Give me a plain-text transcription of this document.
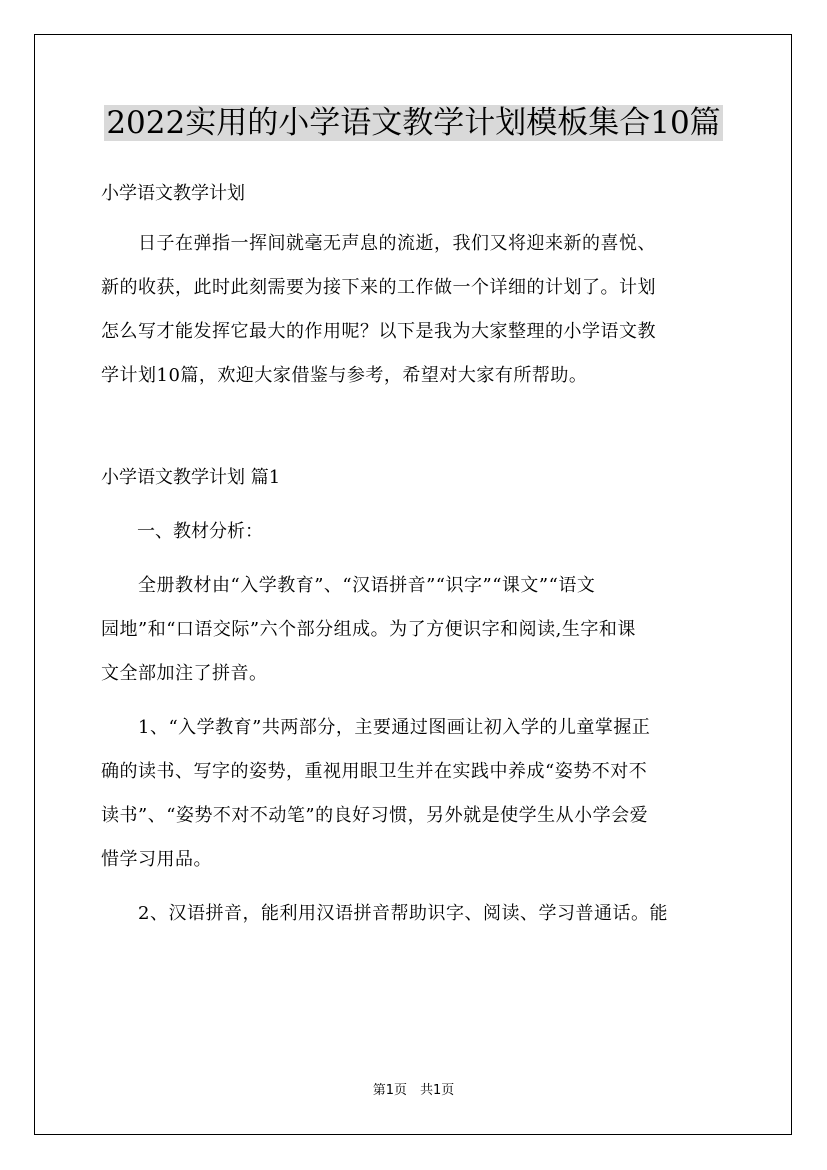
2022实用的小学语文教学计划模板集合10篇

小学语文教学计划

　　日子在弹指一挥间就毫无声息的流逝，我们又将迎来新的喜悦、

新的收获，此时此刻需要为接下来的工作做一个详细的计划了。计划

怎么写才能发挥它最大的作用呢？以下是我为大家整理的小学语文教

学计划10篇，欢迎大家借鉴与参考，希望对大家有所帮助。

小学语文教学计划 篇1

　　一、教材分析：

　　全册教材由“入学教育”、“汉语拼音”“识字”“课文”“语文

园地”和“口语交际”六个部分组成。为了方便识字和阅读,生字和课

文全部加注了拼音。

　　1、“入学教育”共两部分，主要通过图画让初入学的儿童掌握正

确的读书、写字的姿势，重视用眼卫生并在实践中养成“姿势不对不

读书”、“姿势不对不动笔”的良好习惯，另外就是使学生从小学会爱

惜学习用品。

　　2、汉语拼音，能利用汉语拼音帮助识字、阅读、学习普通话。能

第1页　共1页
